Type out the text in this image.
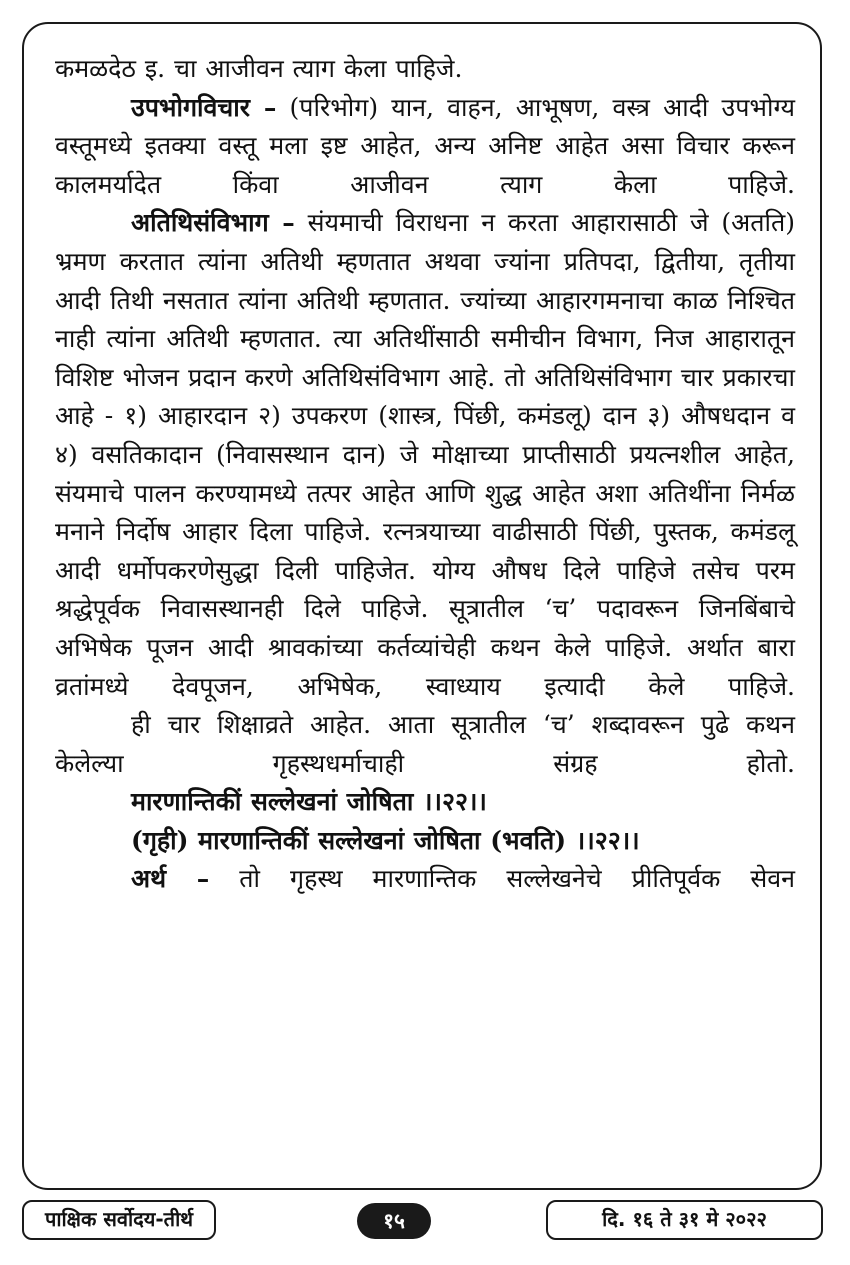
कमळदेठ इ. चा आजीवन त्याग केला पाहिजे.

उपभोगविचार – (परिभोग) यान, वाहन, आभूषण, वस्त्र आदी उपभोग्य वस्तूमध्ये इतक्या वस्तू मला इष्ट आहेत, अन्य अनिष्ट आहेत असा विचार करून कालमर्यादेत किंवा आजीवन त्याग केला पाहिजे.

अतिथिसंविभाग – संयमाची विराधना न करता आहारासाठी जे (अतति) भ्रमण करतात त्यांना अतिथी म्हणतात अथवा ज्यांना प्रतिपदा, द्वितीया, तृतीया आदी तिथी नसतात त्यांना अतिथी म्हणतात. ज्यांच्या आहारगमनाचा काळ निश्चित नाही त्यांना अतिथी म्हणतात. त्या अतिथींसाठी समीचीन विभाग, निज आहारातून विशिष्ट भोजन प्रदान करणे अतिथिसंविभाग आहे. तो अतिथिसंविभाग चार प्रकारचा आहे - १) आहारदान २) उपकरण (शास्त्र, पिंछी, कमंडलू) दान ३) औषधदान व ४) वसतिकादान (निवासस्थान दान) जे मोक्षाच्या प्राप्तीसाठी प्रयत्नशील आहेत, संयमाचे पालन करण्यामध्ये तत्पर आहेत आणि शुद्ध आहेत अशा अतिथींना निर्मळ मनाने निर्दोष आहार दिला पाहिजे. रत्नत्रयाच्या वाढीसाठी पिंछी, पुस्तक, कमंडलू आदी धर्मोपकरणेसुद्धा दिली पाहिजेत. योग्य औषध दिले पाहिजे तसेच परम श्रद्धेपूर्वक निवासस्थानही दिले पाहिजे. सूत्रातील ‘च’ पदावरून जिनबिंबाचे अभिषेक पूजन आदी श्रावकांच्या कर्तव्यांचेही कथन केले पाहिजे. अर्थात बारा व्रतांमध्ये देवपूजन, अभिषेक, स्वाध्याय इत्यादी केले पाहिजे.

ही चार शिक्षाव्रते आहेत. आता सूत्रातील ‘च’ शब्दावरून पुढे कथन केलेल्या गृहस्थधर्माचाही संग्रह होतो.

मारणान्तिकीं सल्लेखनां जोषिता ।।२२।।

(गृही) मारणान्तिकीं सल्लेखनां जोषिता (भवति) ।।२२।।

अर्थ – तो गृहस्थ मारणान्तिक सल्लेखनेचे प्रीतिपूर्वक सेवन

पाक्षिक सर्वोदय-तीर्थ	१५	दि. १६ ते ३१ मे २०२२
